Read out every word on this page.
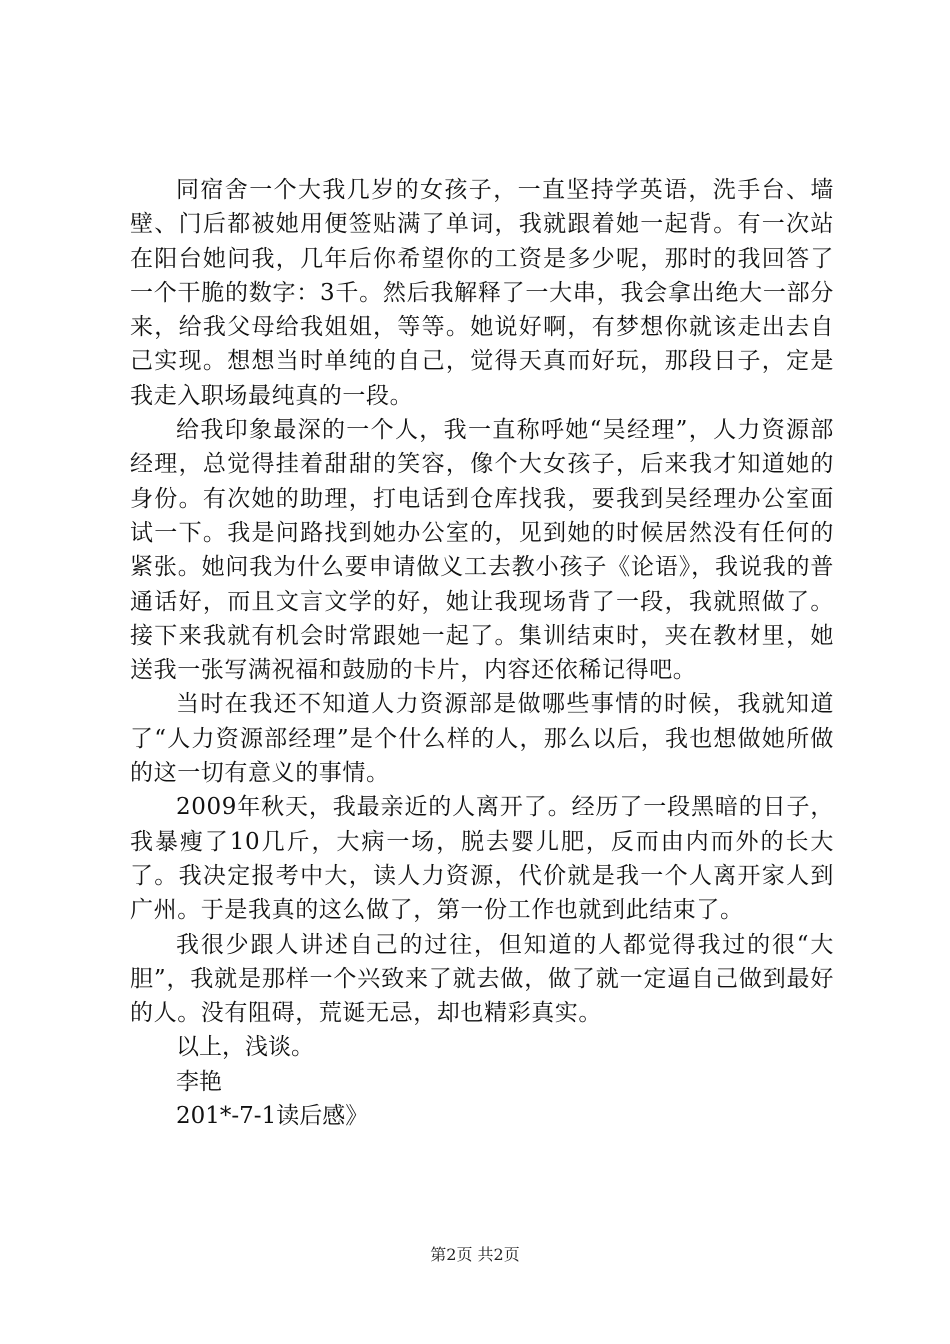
同宿舍一个大我几岁的女孩子，一直坚持学英语，洗手台、墙壁、门后都被她用便签贴满了单词，我就跟着她一起背。有一次站在阳台她问我，几年后你希望你的工资是多少呢，那时的我回答了一个干脆的数字：3千。然后我解释了一大串，我会拿出绝大一部分来，给我父母给我姐姐，等等。她说好啊，有梦想你就该走出去自己实现。想想当时单纯的自己，觉得天真而好玩，那段日子，定是我走入职场最纯真的一段。

给我印象最深的一个人，我一直称呼她“吴经理”，人力资源部经理，总觉得挂着甜甜的笑容，像个大女孩子，后来我才知道她的身份。有次她的助理，打电话到仓库找我，要我到吴经理办公室面试一下。我是问路找到她办公室的，见到她的时候居然没有任何的紧张。她问我为什么要申请做义工去教小孩子《论语》，我说我的普通话好，而且文言文学的好，她让我现场背了一段，我就照做了。接下来我就有机会时常跟她一起了。集训结束时，夹在教材里，她送我一张写满祝福和鼓励的卡片，内容还依稀记得吧。

当时在我还不知道人力资源部是做哪些事情的时候，我就知道了“人力资源部经理”是个什么样的人，那么以后，我也想做她所做的这一切有意义的事情。

2009年秋天，我最亲近的人离开了。经历了一段黑暗的日子，我暴瘦了10几斤，大病一场，脱去婴儿肥，反而由内而外的长大了。我决定报考中大，读人力资源，代价就是我一个人离开家人到广州。于是我真的这么做了，第一份工作也就到此结束了。

我很少跟人讲述自己的过往，但知道的人都觉得我过的很“大胆”，我就是那样一个兴致来了就去做，做了就一定逼自己做到最好的人。没有阻碍，荒诞无忌，却也精彩真实。

以上，浅谈。

李艳

201*-7-1读后感》

第2页 共2页
